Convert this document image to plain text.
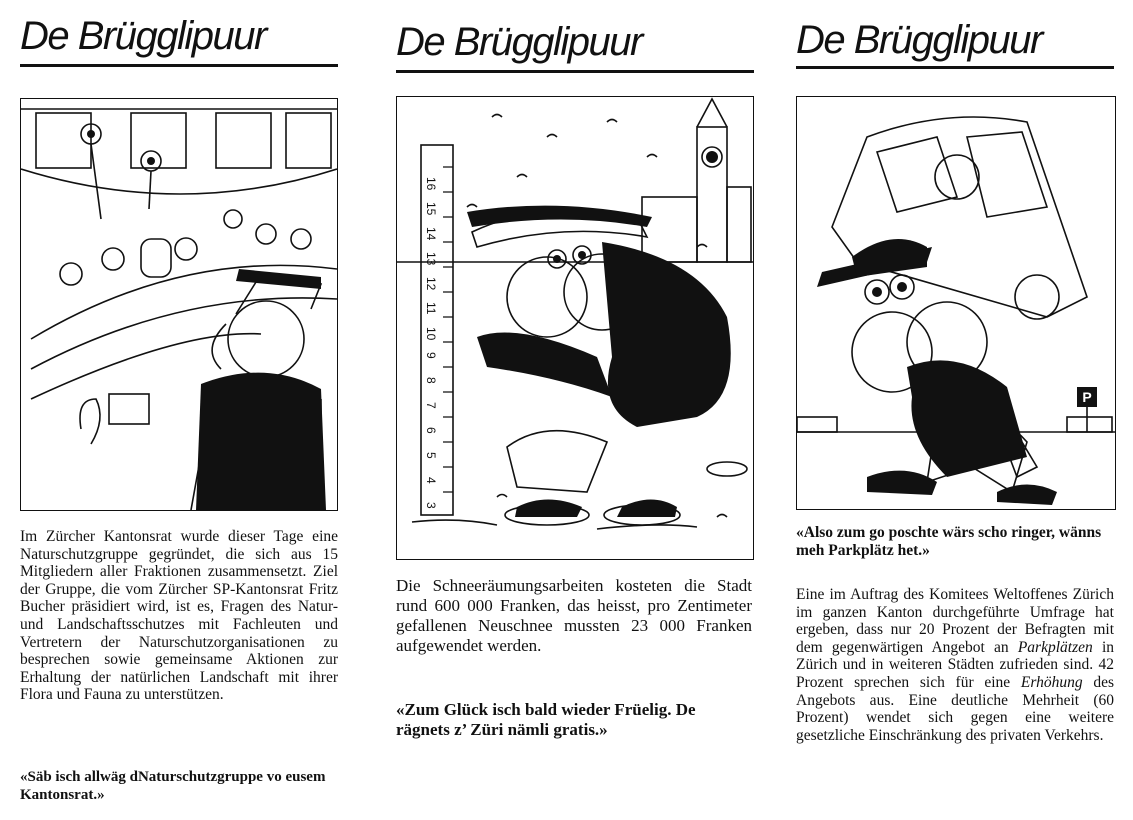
De Brügglipuur

Im Zürcher Kantonsrat wurde dieser Tage eine Naturschutzgruppe gegründet, die sich aus 15 Mitgliedern aller Fraktionen zusammensetzt. Ziel der Gruppe, die vom Zürcher SP-Kantonsrat Fritz Bucher präsidiert wird, ist es, Fragen des Natur- und Landschaftsschutzes mit Fachleuten und Vertretern der Naturschutzorganisationen zu besprechen sowie gemeinsame Aktionen zur Erhaltung der natürlichen Landschaft mit ihrer Flora und Fauna zu unterstützen.

«Säb isch allwäg dNaturschutzgruppe vo eusem Kantonsrat.»

De Brügglipuur
16
15
14
13
12
11
10
9
8
7
6
5
4
3

Die Schneeräumungsarbeiten kosteten die Stadt rund 600 000 Franken, das heisst, pro Zentimeter gefallenen Neuschnee mussten 23 000 Franken aufgewendet werden.

«Zum Glück isch bald wieder Früelig. De rägnets z’ Züri nämli gratis.»

De Brügglipuur
P

«Also zum go poschte wärs scho ringer, wänns meh Parkplätz het.»

Eine im Auftrag des Komitees Weltoffenes Zürich im ganzen Kanton durchgeführte Umfrage hat ergeben, dass nur 20 Prozent der Befragten mit dem gegenwärtigen Angebot an Parkplätzen in Zürich und in weiteren Städten zufrieden sind. 42 Prozent sprechen sich für eine Erhöhung des Angebots aus. Eine deutliche Mehrheit (60 Prozent) wendet sich gegen eine weitere gesetzliche Einschränkung des privaten Verkehrs.
